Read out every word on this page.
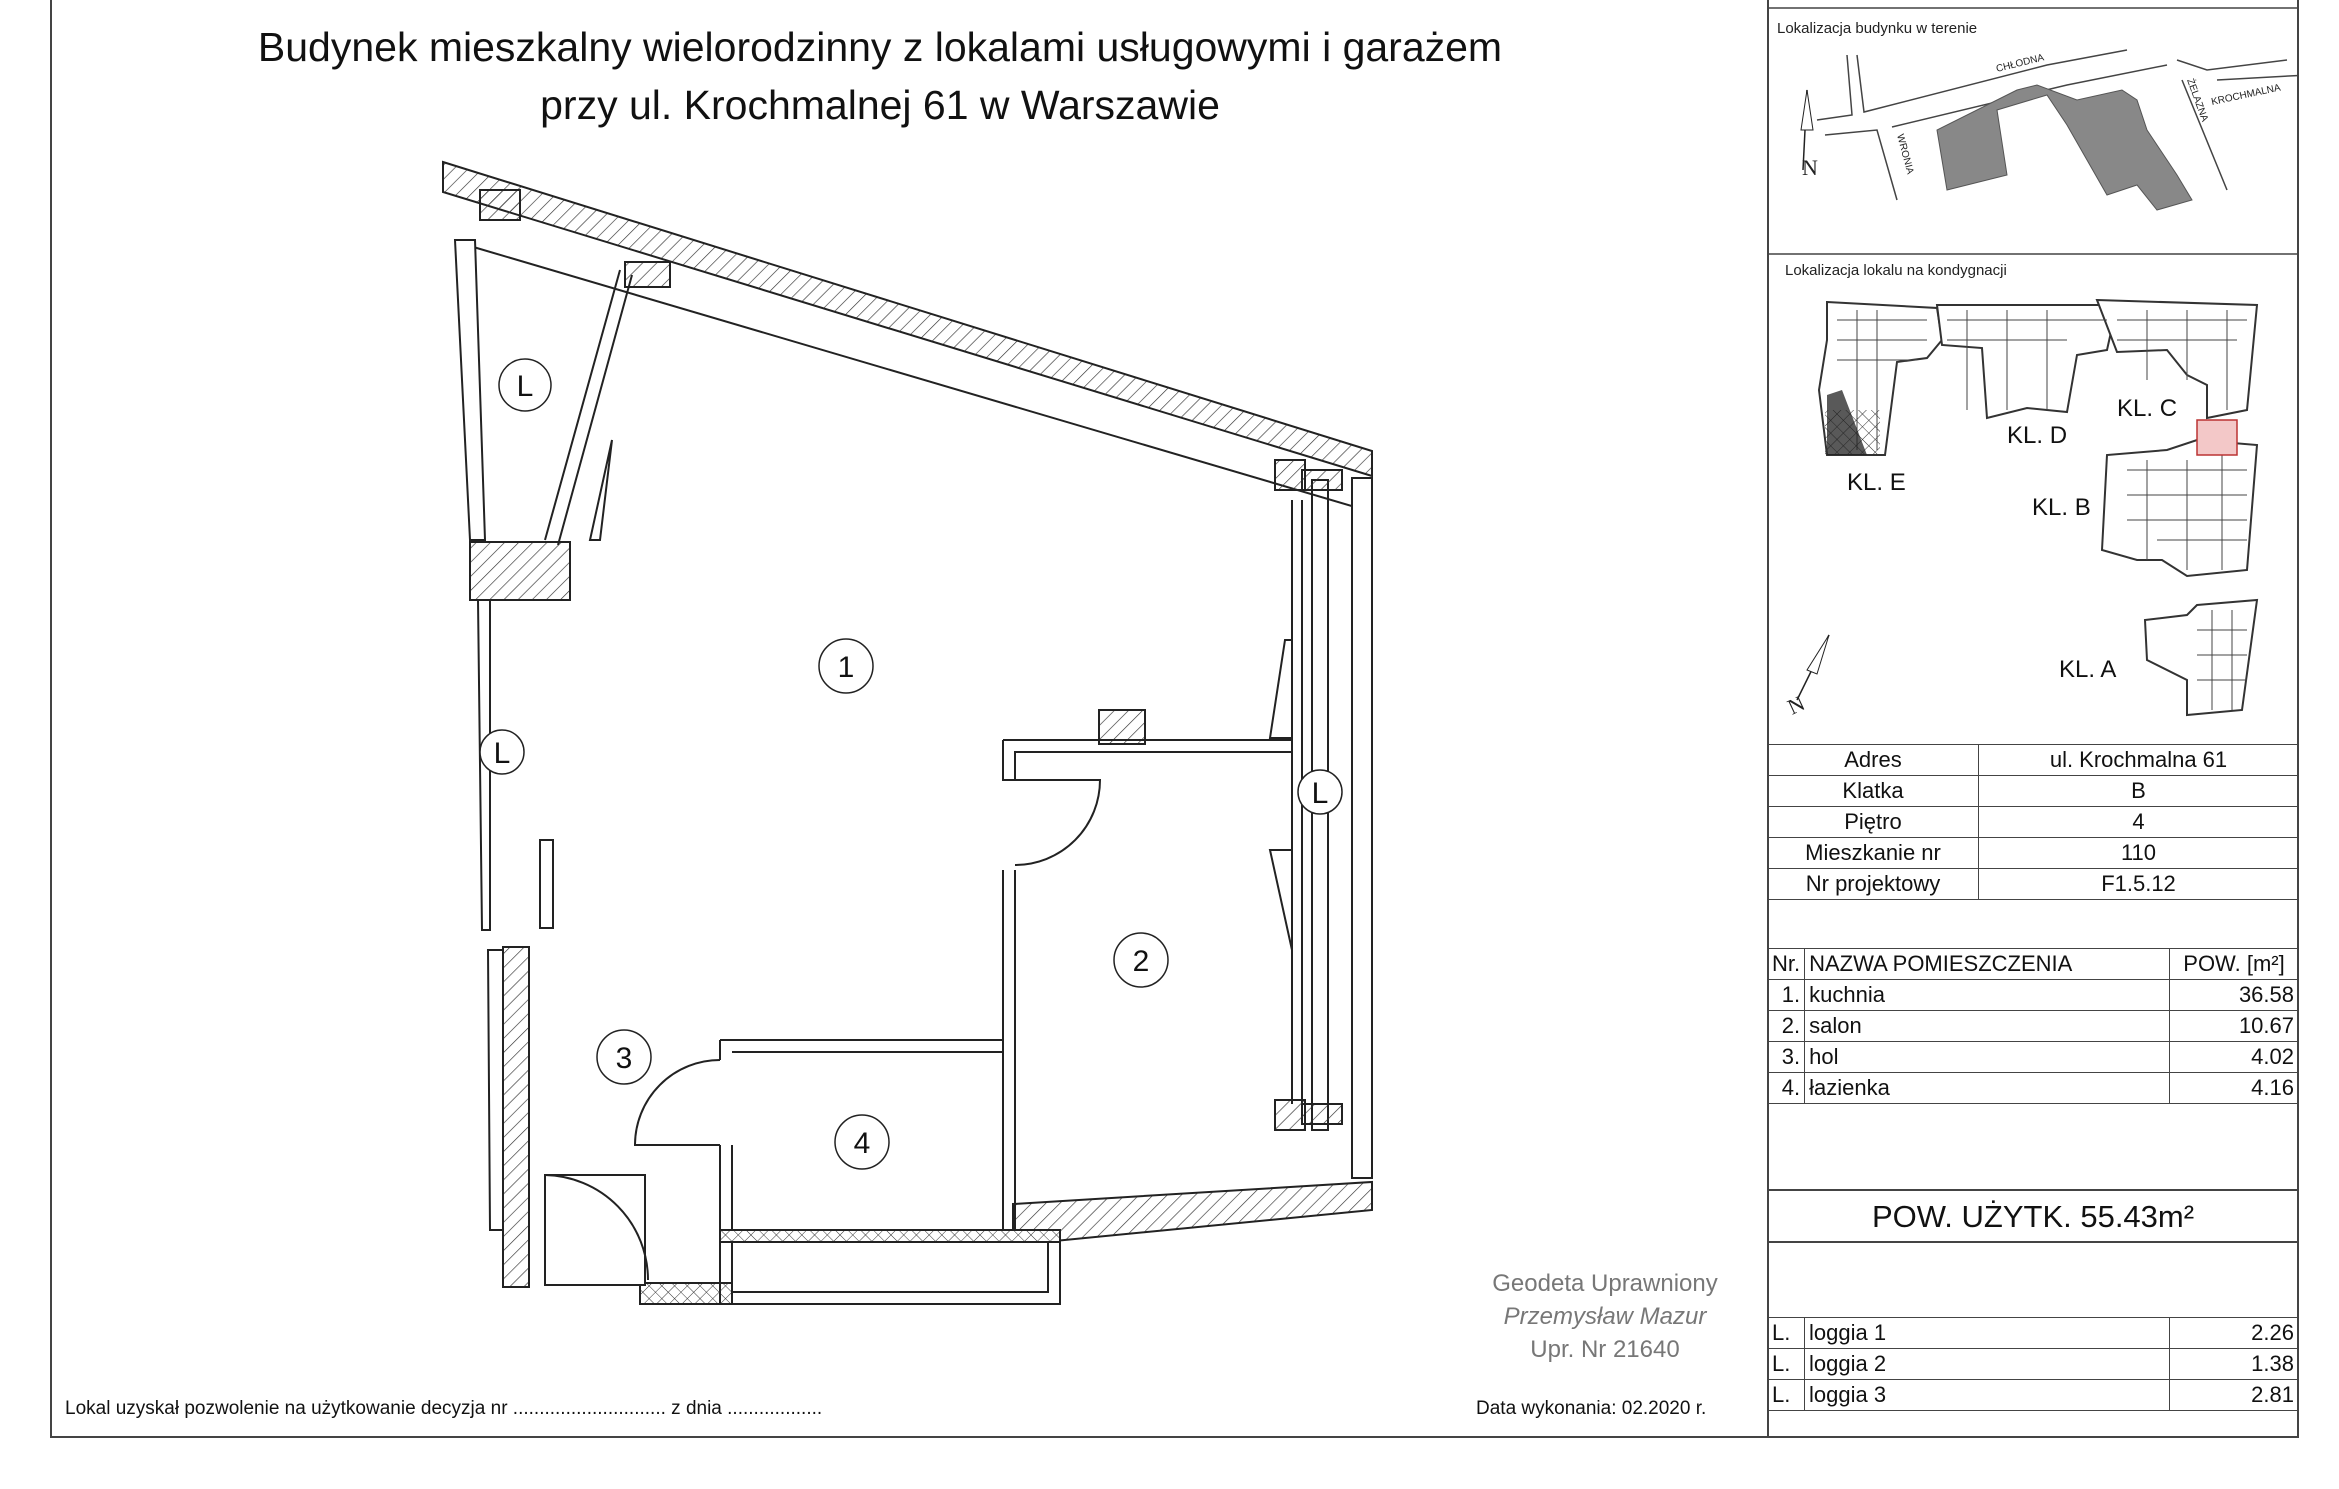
Budynek mieszkalny wielorodzinny z lokalami usługowymi i garażem
przy ul. Krochmalnej 61 w Warszawie
1
2
3
4
L
L
L
Lokalizacja budynku w terenie
CHŁODNA
ŻELAZNA KROCHMALNA
WRONIA
N
Lokalizacja lokalu na kondygnacji
KL. E
KL. D
KL. C
KL. B
KL. A
N
Adres	ul. Krochmalna 61
Klatka	B
Piętro	4
Mieszkanie nr	110
Nr projektowy	F1.5.12
Nr.	NAZWA POMIESZCZENIA	POW. [m²]
1.	kuchnia	36.58
2.	salon	10.67
3.	hol	4.02
4.	łazienka	4.16
POW. UŻYTK. 55.43m²
L.	loggia 1	2.26
L.	loggia 2	1.38
L.	loggia 3	2.81
Geodeta Uprawniony
Przemysław Mazur
Upr. Nr 21640
Lokal uzyskał pozwolenie na użytkowanie decyzja nr ............................. z dnia ..................	Data wykonania: 02.2020 r.
